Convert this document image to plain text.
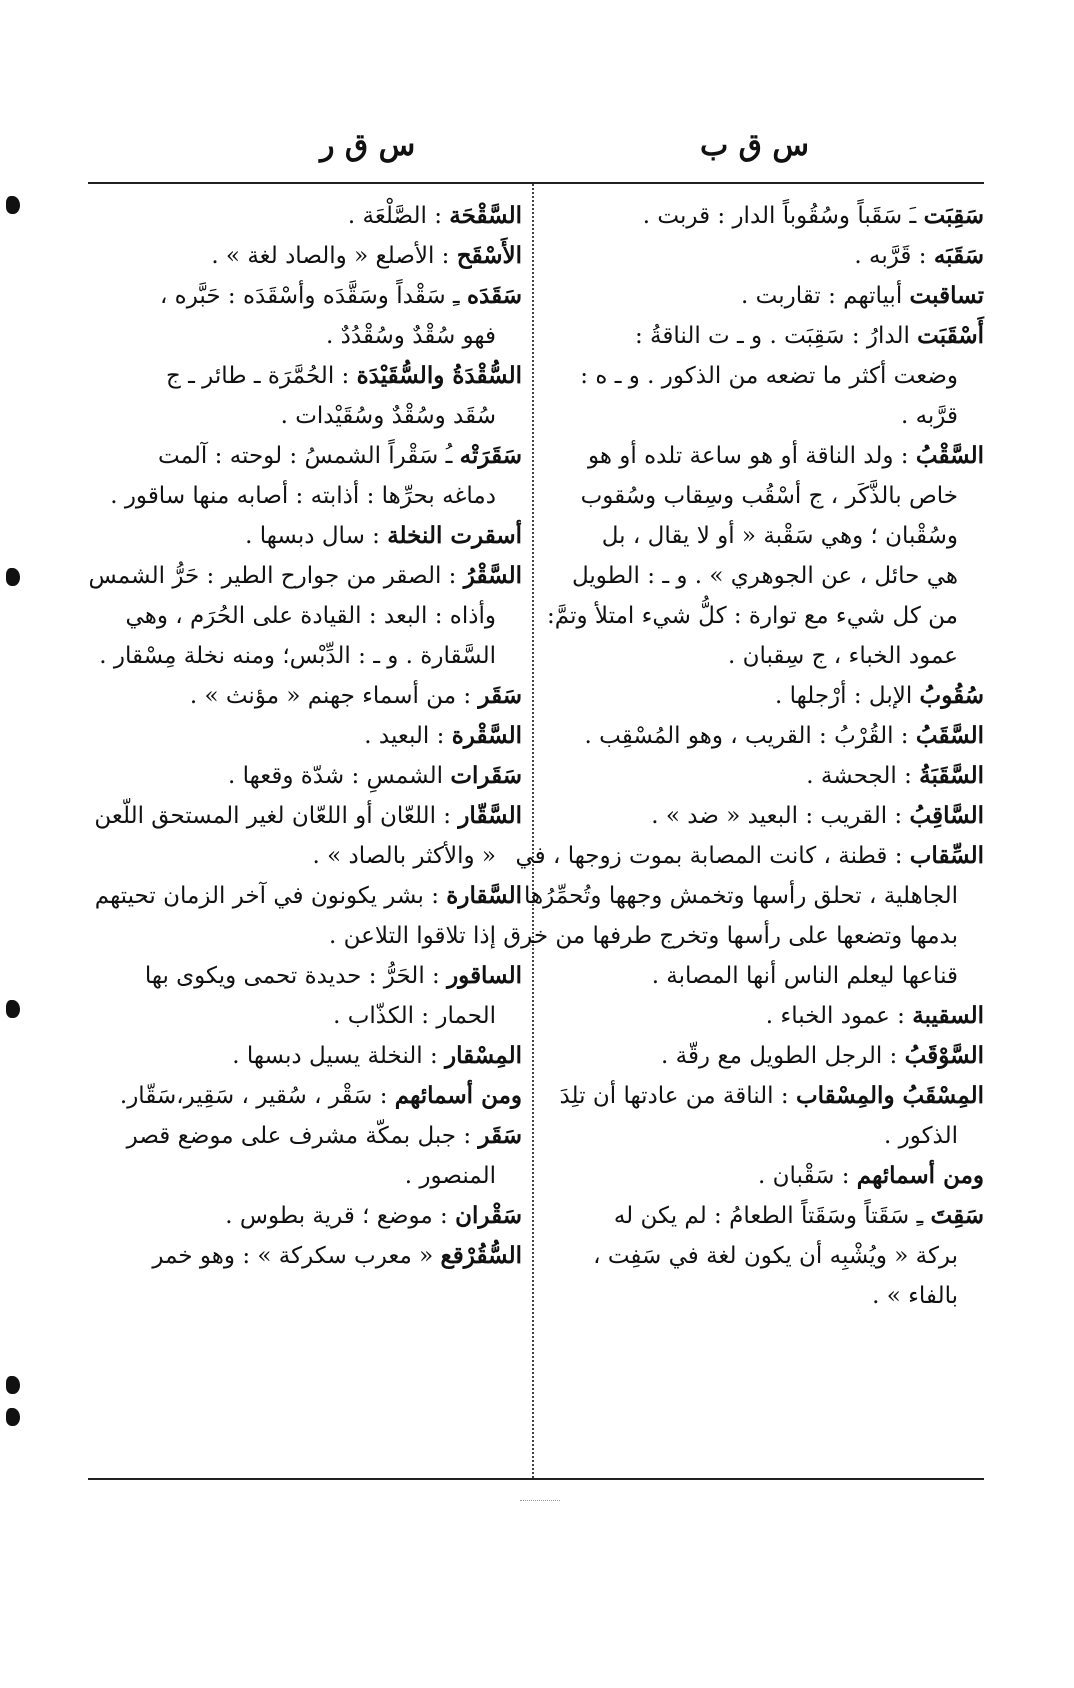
س ق ب
س ق ر
سَقِبَت ـَ سَقَباً وسُقُوباً الدار : قربت .
سَقَبَه : قَرَّبه .
تساقبت أبياتهم : تقاربت .
أَسْقَبَت الدارُ : سَقِبَت . و ـ ت الناقةُ :
وضعت أكثر ما تضعه من الذكور . و ـ ه :
قرَّبه .
السَّقْبُ : ولد الناقة أو هو ساعة تلده أو هو
خاص بالذَّكَر ، ج أسْقُب وسِقاب وسُقوب
وسُقْبان ؛ وهي سَقْبة « أو لا يقال ، بل
هي حائل ، عن الجوهري » . و ـ : الطويل
من كل شيء مع توارة : كلُّ شيء امتلأ وتمَّ:
عمود الخباء ، ج سِقبان .
سُقُوبُ الإبل : أرْجلها .
السَّقَبُ : القُرْبُ : القريب ، وهو المُسْقِب .
السَّقَبَةُ : الجحشة .
السَّاقِبُ : القريب : البعيد « ضد » .
السِّقاب : قطنة ، كانت المصابة بموت زوجها ، في
الجاهلية ، تحلق رأسها وتخمش وجهها وتُحمِّرُها
بدمها وتضعها على رأسها وتخرج طرفها من خرق
قناعها ليعلم الناس أنها المصابة .
السقيبة : عمود الخباء .
السَّوْقَبُ : الرجل الطويل مع رقّة .
المِسْقَبُ والمِسْقاب : الناقة من عادتها أن تلِدَ
الذكور .
ومن أسمائهم : سَقْبان .
سَقِتَ ـِ سَقَتاً وسَقَتاً الطعامُ : لم يكن له
بركة « ويُشْبِه أن يكون لغة في سَفِت ،
بالفاء » .
السَّقْحَة : الصَّلْعَة .
الأَسْقَح : الأصلع « والصاد لغة » .
سَقَدَه ـِ سَقْداً وسَقَّدَه وأسْقَدَه : حَبَّره ،
فهو سُقْدٌ وسُقْدُدٌ .
السُّقْدَةُ والسُّقَيْدَة : الحُمَّرَة ـ طائر ـ ج
سُقَد وسُقْدٌ وسُقَيْدات .
سَقَرَتْه ـُ سَقْراً الشمسُ : لوحته : آلمت
دماغه بحرِّها : أذابته : أصابه منها ساقور .
أسقرت النخلة : سال دبسها .
السَّقْرُ : الصقر من جوارح الطير : حَرُّ الشمس
وأذاه : البعد : القيادة على الحُرَم ، وهي
السَّقارة . و ـ : الدِّبْس؛ ومنه نخلة مِسْقار .
سَقَر : من أسماء جهنم « مؤنث » .
السَّقْرة : البعيد .
سَقَرات الشمسِ : شدّة وقعها .
السَّقّار : اللعّان أو اللعّان لغير المستحق اللّعن
« والأكثر بالصاد » .
السَّقارة : بشر يكونون في آخر الزمان تحيتهم
إذا تلاقوا التلاعن .
الساقور : الحَرُّ : حديدة تحمى ويكوى بها
الحمار : الكذّاب .
المِسْقار : النخلة يسيل دبسها .
ومن أسمائهم : سَقْر ، سُقير ، سَقِير،سَقّار.
سَقَر : جبل بمكّة مشرف على موضع قصر
المنصور .
سَقْران : موضع ؛ قرية بطوس .
السُّقُرْقع « معرب سكركة » : وهو خمر
